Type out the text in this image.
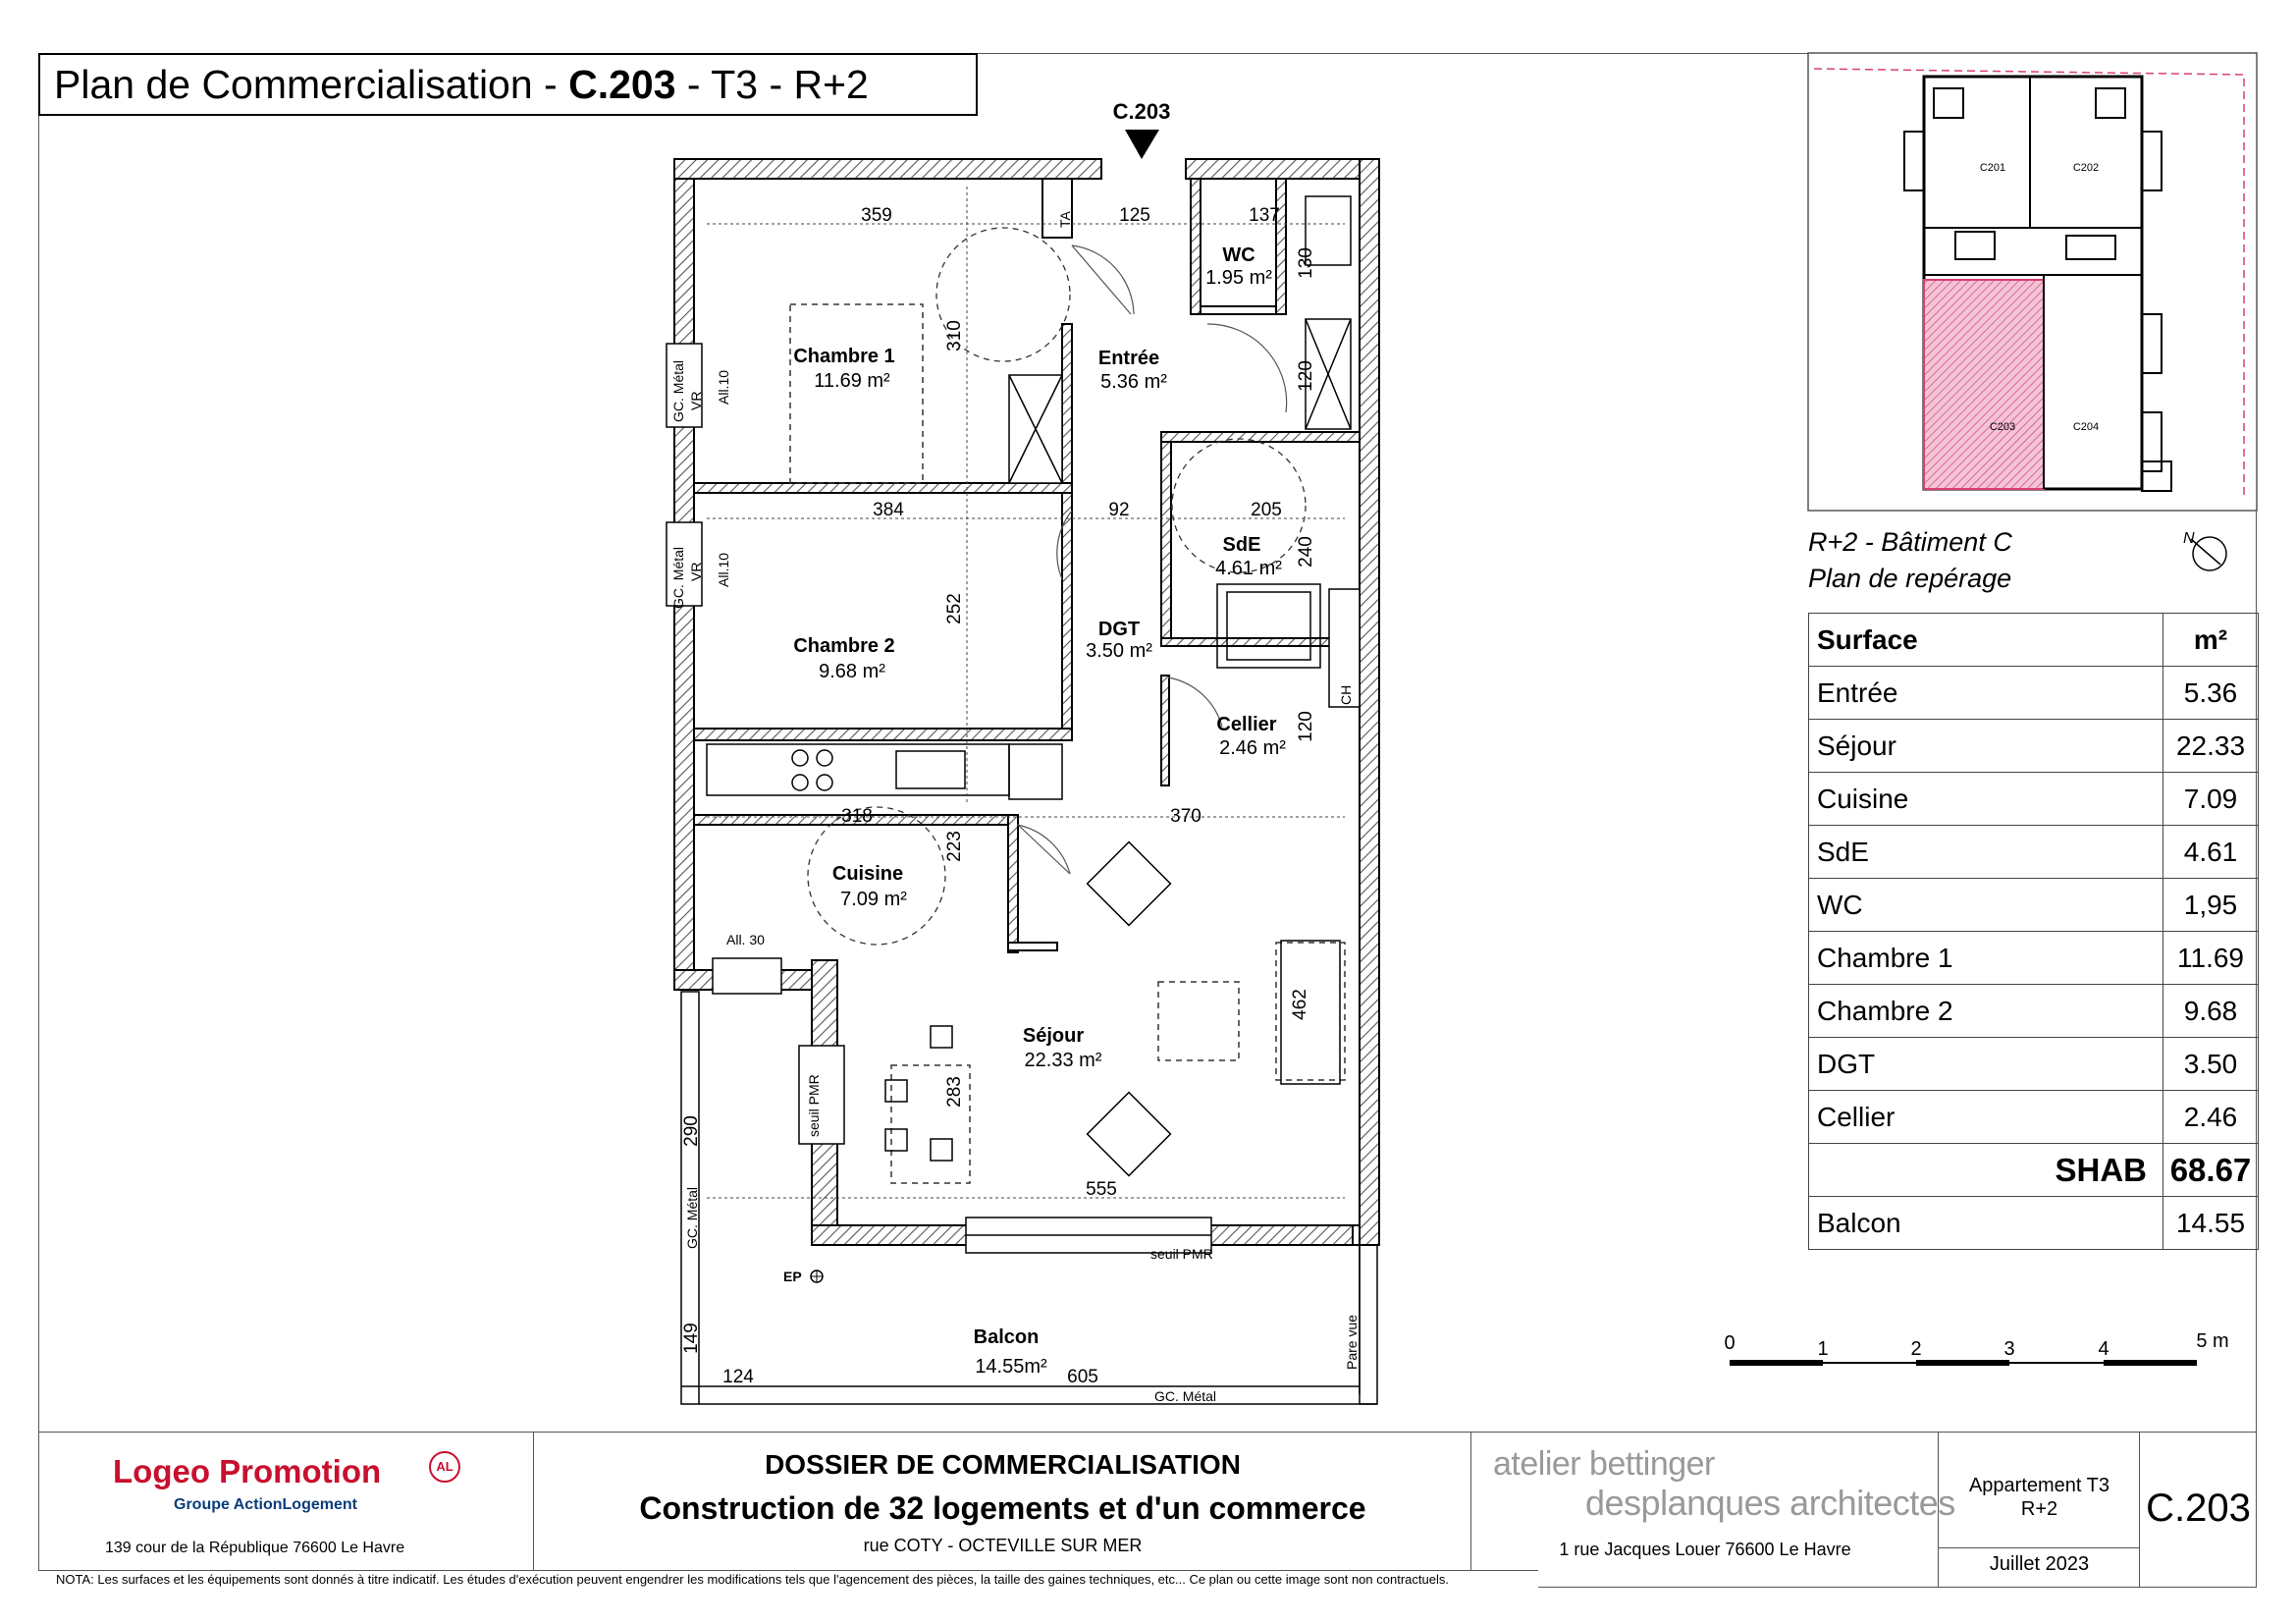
Plan de Commercialisation - C.203 - T3 - R+2
C.203
Chambre 1
11.69 m²
Entrée
5.36 m²
WC
1.95 m²
Chambre 2
9.68 m²
SdE
4.61 m²
DGT
3.50 m²
Cellier
2.46 m²
Cuisine
7.09 m²
Séjour
22.33 m²
Balcon
14.55m²
359	125	137
130
310
120
384	92	205
240
252
120
318	370
223
462
283
555
290
149
124	605
TA
CH
GC. Métal VR All.10
GC. Métal VR All.10
All. 30
seuil PMR
seuil PMR
GC. Métal
GC. Métal
EP
Pare vue
C201	C202
C203	C204
N
R+2 - Bâtiment C
Plan de repérage
Surface	m²
Entrée	5.36
Séjour	22.33
Cuisine	7.09
SdE	4.61
WC	1,95
Chambre 1	11.69
Chambre 2	9.68
DGT	3.50
Cellier	2.46
SHAB	68.67
Balcon	14.55
0	1	2	3	4	5 m
Logeo Promotion	AL
Groupe ActionLogement
139 cour de la République 76600 Le Havre
DOSSIER DE COMMERCIALISATION
Construction de 32 logements et d'un commerce
rue COTY - OCTEVILLE SUR MER
atelier bettinger
desplanques architectes
1 rue Jacques Louer 76600 Le Havre
Appartement T3
R+2
Juillet 2023
C.203
NOTA: Les surfaces et les équipements sont donnés à titre indicatif. Les études d'exécution peuvent engendrer les modifications tels que l'agencement des pièces, la taille des gaines techniques, etc... Ce plan ou cette image sont non contractuels.
